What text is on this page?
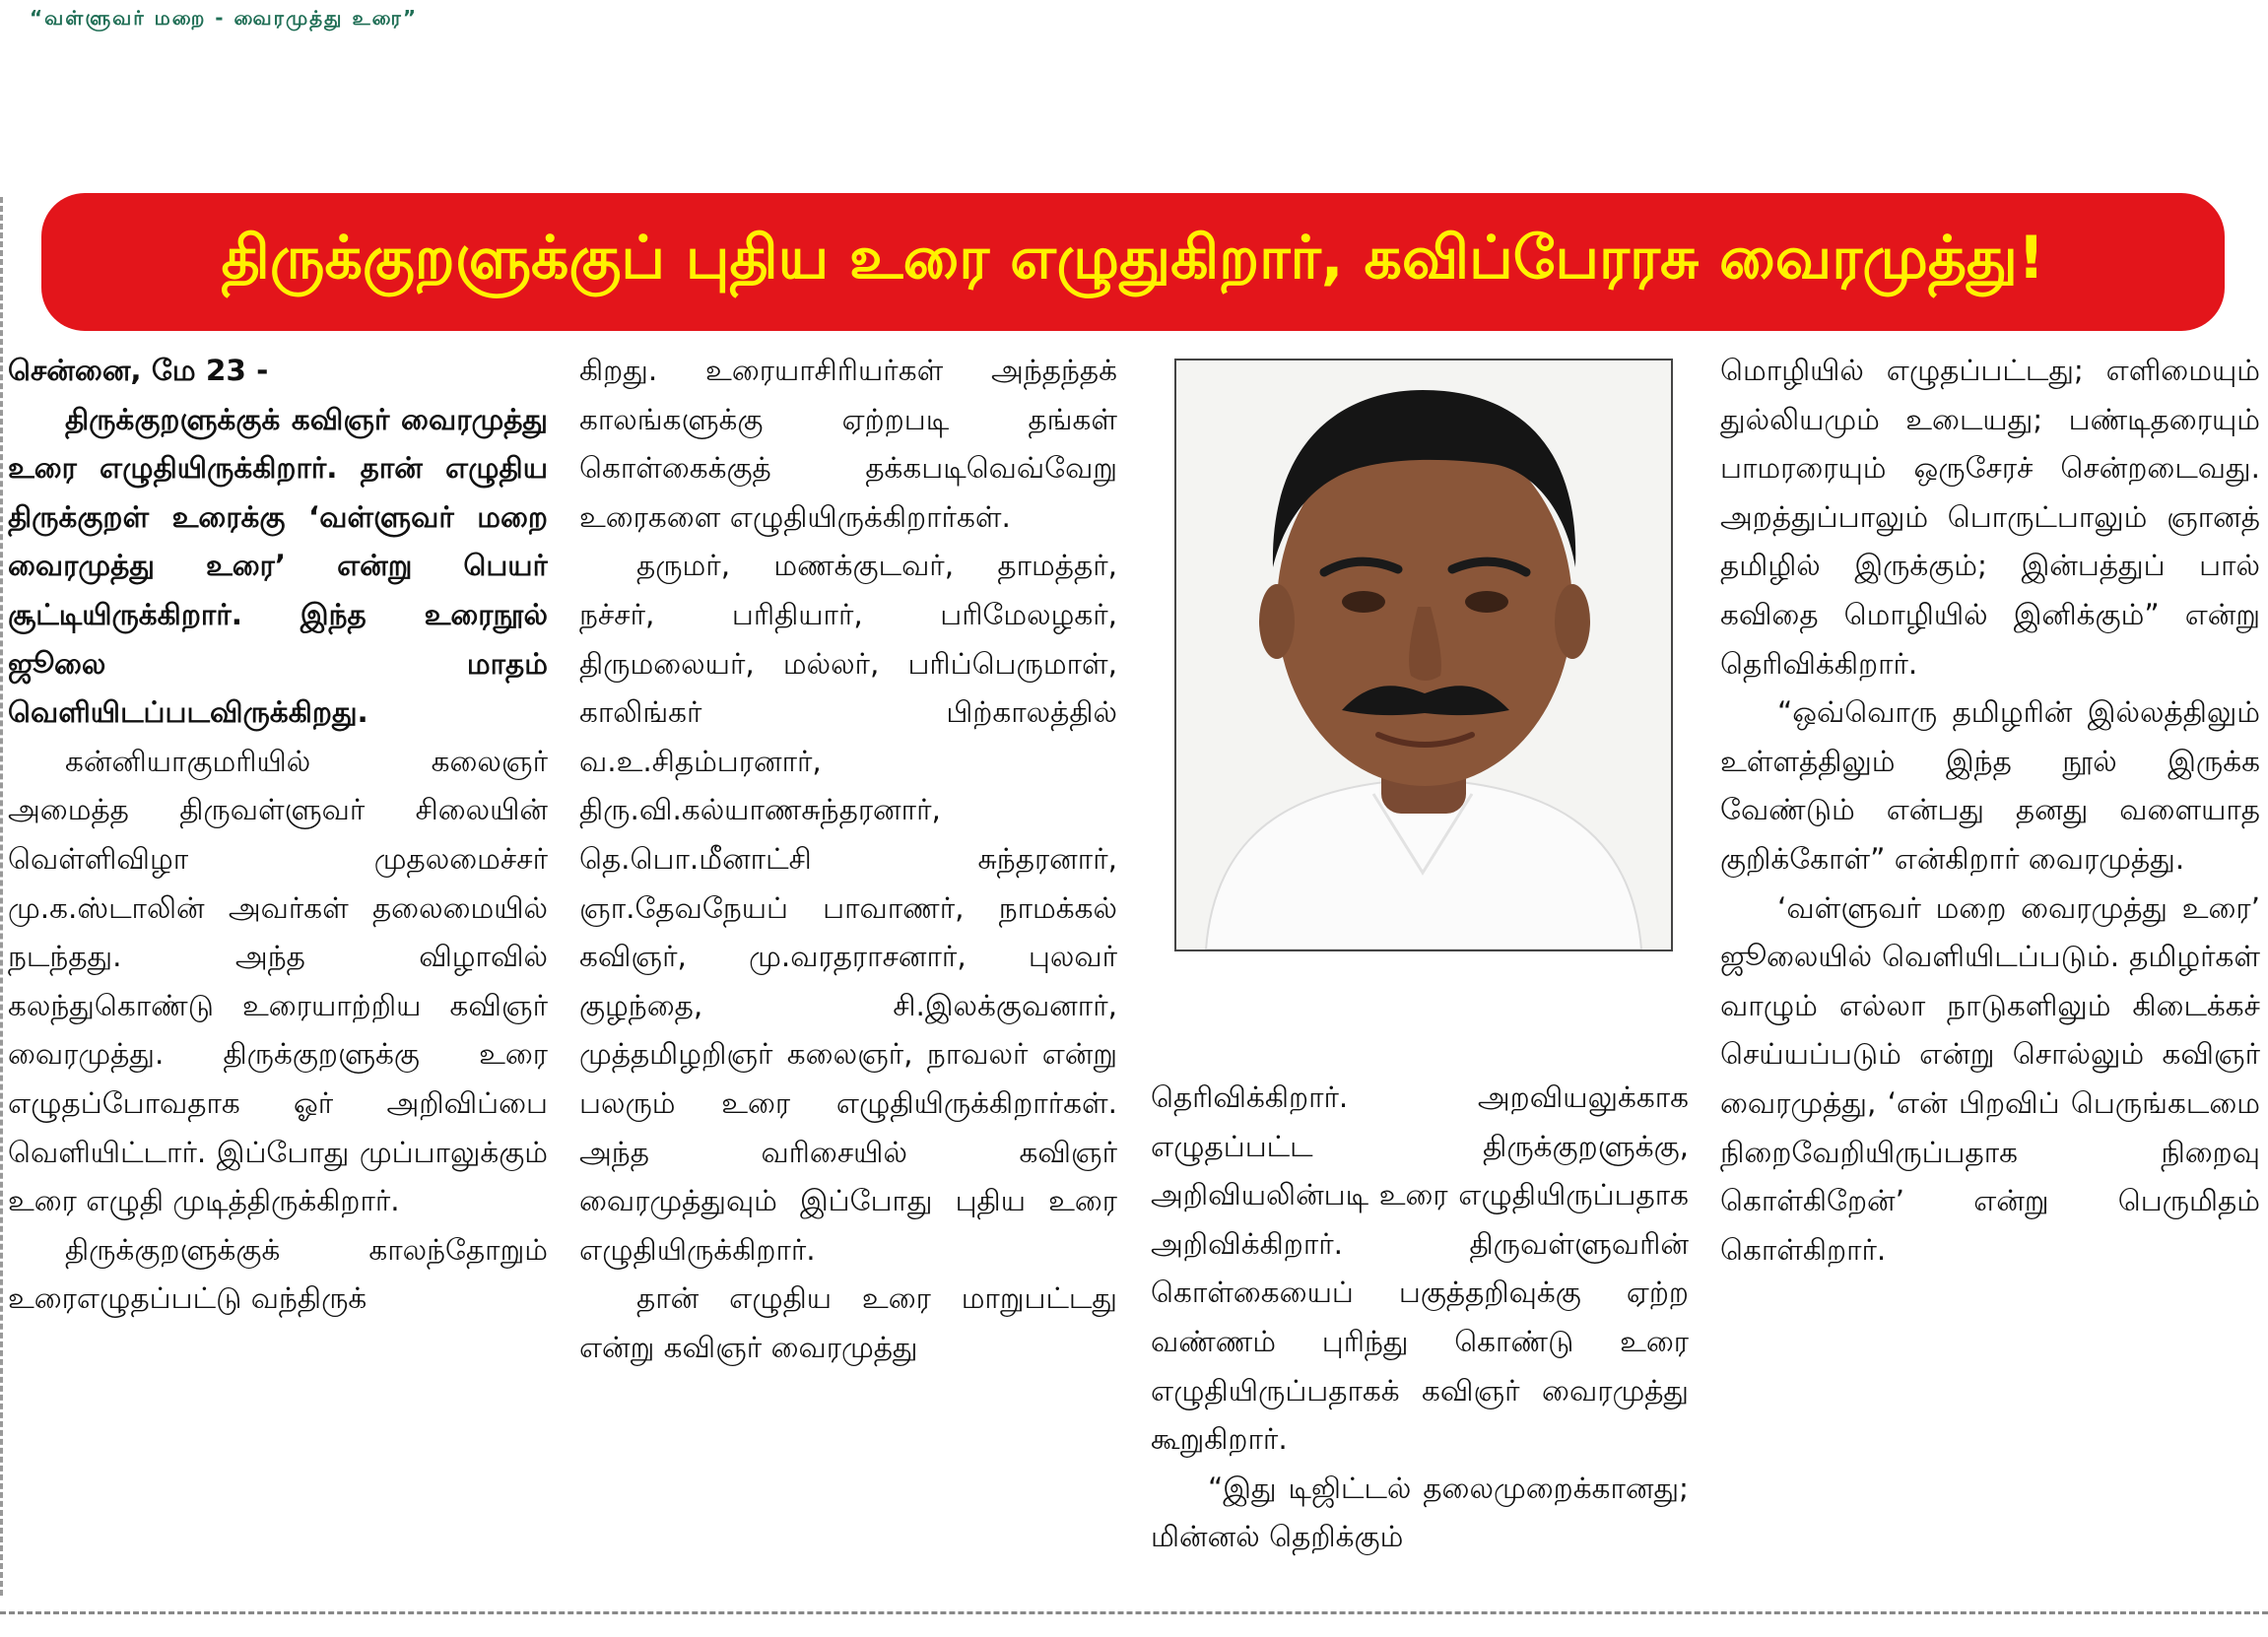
“வள்ளுவர் மறை - வைரமுத்து உரை”
திருக்குறளுக்குப் புதிய உரை எழுதுகிறார், கவிப்பேரரசு வைரமுத்து!

சென்னை, மே 23 -

திருக்குறளுக்குக் கவிஞர் வைரமுத்து உரை எழுதியிருக்கிறார். தான் எழுதிய திருக்குறள் உரைக்கு ‘வள்ளுவர் மறை வைரமுத்து உரை’ என்று பெயர் சூட்டியிருக்கிறார். இந்த உரைநூல் ஜூலை மாதம் வெளியிடப்படவிருக்கிறது.

கன்னியாகுமரியில் கலைஞர் அமைத்த திருவள்ளுவர் சிலையின் வெள்ளிவிழா முதலமைச்சர் மு.க.ஸ்டாலின் அவர்கள் தலைமையில் நடந்தது. அந்த விழாவில் கலந்துகொண்டு உரையாற்றிய கவிஞர் வைரமுத்து. திருக்குறளுக்கு உரை எழுதப்போவதாக ஓர் அறிவிப்பை வெளியிட்டார். இப்போது முப்பாலுக்கும் உரை எழுதி முடித்திருக்கிறார்.

திருக்குறளுக்குக் காலந்தோறும் உரைஎழுதப்பட்டு வந்திருக்

கிறது. உரையாசிரியர்கள் அந்தந்தக் காலங்களுக்கு ஏற்றபடி தங்கள் கொள்கைக்குத் தக்கபடிவெவ்வேறு உரைகளை எழுதியிருக்கிறார்கள்.

தருமர், மணக்குடவர், தாமத்தர், நச்சர், பரிதியார், பரிமேலழகர், திருமலையர், மல்லர், பரிப்பெருமாள், காலிங்கர் பிற்காலத்தில் வ.உ.சிதம்பரனார், திரு.வி.கல்யாணசுந்தரனார், தெ.பொ.மீனாட்சி சுந்தரனார், ஞா.தேவநேயப் பாவாணர், நாமக்கல் கவிஞர், மு.வரதராசனார், புலவர் குழந்தை, சி.இலக்குவனார், முத்தமிழறிஞர் கலைஞர், நாவலர் என்று பலரும் உரை எழுதியிருக்கிறார்கள். அந்த வரிசையில் கவிஞர் வைரமுத்துவும் இப்போது புதிய உரை எழுதியிருக்கிறார்.

தான் எழுதிய உரை மாறுபட்டது என்று கவிஞர் வைரமுத்து

தெரிவிக்கிறார். அறவியலுக்காக எழுதப்பட்ட திருக்குறளுக்கு, அறிவியலின்படி உரை எழுதியிருப்பதாக அறிவிக்கிறார். திருவள்ளுவரின் கொள்கையைப் பகுத்தறிவுக்கு ஏற்ற வண்ணம் புரிந்து கொண்டு உரை எழுதியிருப்பதாகக் கவிஞர் வைரமுத்து கூறுகிறார்.

“இது டிஜிட்டல் தலைமுறைக்கானது; மின்னல் தெறிக்கும்

மொழியில் எழுதப்பட்டது; எளிமையும் துல்லியமும் உடையது; பண்டிதரையும் பாமரரையும் ஒருசேரச் சென்றடைவது. அறத்துப்பாலும் பொருட்பாலும் ஞானத் தமிழில் இருக்கும்; இன்பத்துப் பால் கவிதை மொழியில் இனிக்கும்” என்று தெரிவிக்கிறார்.

“ஒவ்வொரு தமிழரின் இல்லத்திலும் உள்ளத்திலும் இந்த நூல் இருக்க வேண்டும் என்பது தனது வளையாத குறிக்கோள்” என்கிறார் வைரமுத்து.

‘வள்ளுவர் மறை வைரமுத்து உரை’ ஜூலையில் வெளியிடப்படும். தமிழர்கள் வாழும் எல்லா நாடுகளிலும் கிடைக்கச் செய்யப்படும் என்று சொல்லும் கவிஞர் வைரமுத்து, ‘என் பிறவிப் பெருங்கடமை நிறைவேறியிருப்பதாக நிறைவு கொள்கிறேன்’ என்று பெருமிதம் கொள்கிறார்.
